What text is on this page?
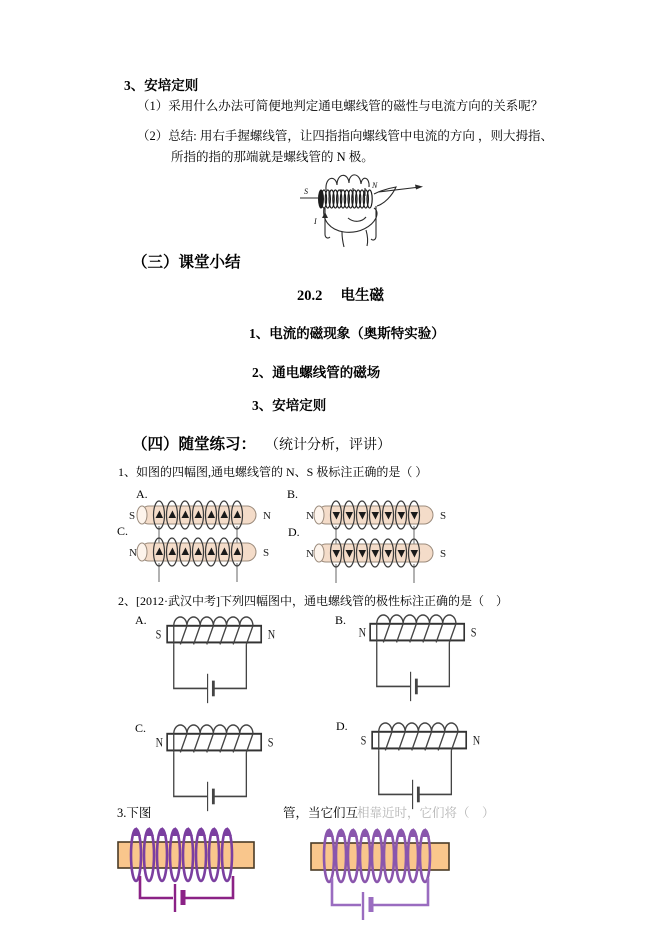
3、安培定则
（1）采用什么办法可简便地判定通电螺线管的磁性与电流方向的关系呢？
（2）总结: 用右手握螺线管，让四指指向螺线管中电流的方向 ，则大拇指、
所指的指的那端就是螺线管的 N 极。
S
N
I
（三）课堂小结
20.2　 电生磁
1、电流的磁现象（奥斯特实验）
2、通电螺线管的磁场
3、安培定则
（四）随堂练习： （统计分析，评讲）
1、如图的四幅图,通电螺线管的 N、S 极标注正确的是（ ）
A.
S	N
B.
N	S
C.
N	S
D.
N	S
2、[2012·武汉中考]下列四幅图中，通电螺线管的极性标注正确的是（　）
A.
S	N
B.
N	S
C.
N	S
D.
S	N
3.下图	管，当它们互
相靠近时，它们将（　）
